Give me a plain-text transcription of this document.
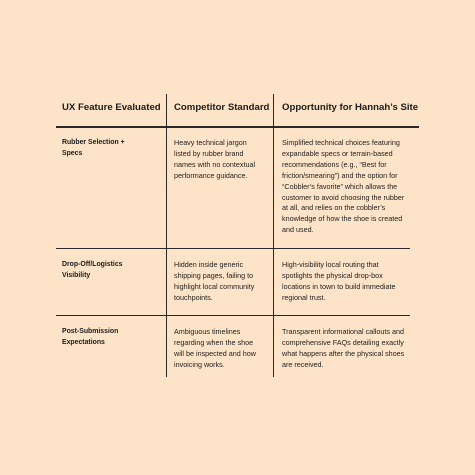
UX Feature Evaluated Competitor Standard Opportunity for Hannah’s Site
Rubber Selection + Specs
Heavy technical jargon listed by rubber brand names with no contextual performance guidance.
Simplified technical choices featuring expandable specs or terrain-based recommendations (e.g., “Best for friction/smearing”) and the option for “Cobbler’s favorite” which allows the customer to avoid choosing the rubber at all, and relies on the cobbler’s knowledge of how the shoe is created and used.
Drop-Off/Logistics Visibility
Hidden inside generic shipping pages, failing to highlight local community touchpoints.
High-visibility local routing that spotlights the physical drop-box locations in town to build immediate regional trust.
Post-Submission Expectations
Ambiguous timelines regarding when the shoe will be inspected and how invoicing works.
Transparent informational callouts and comprehensive FAQs detailing exactly what happens after the physical shoes are received.
